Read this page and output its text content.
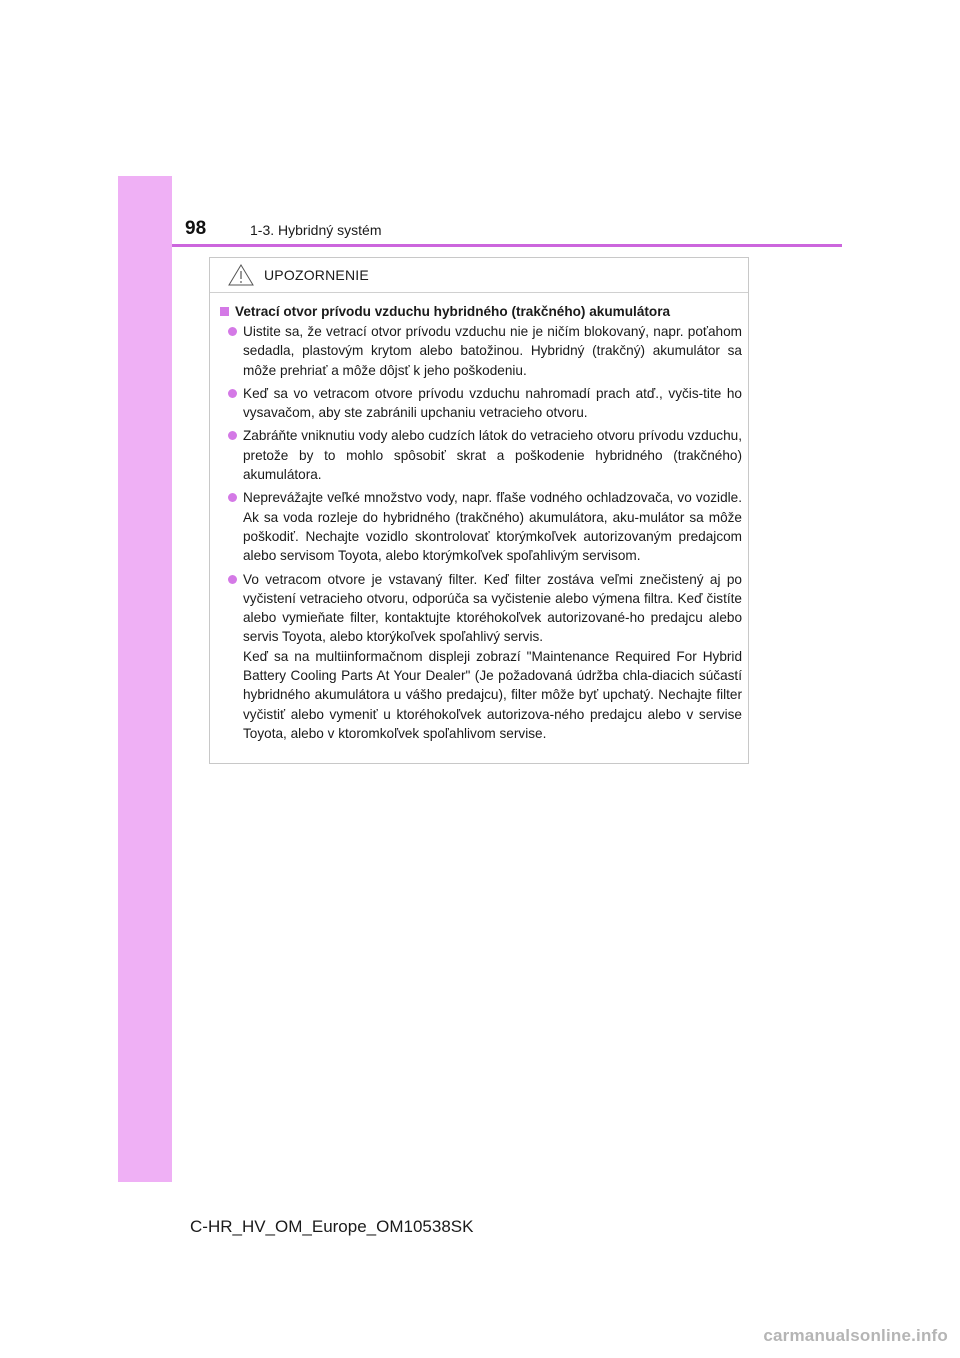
98	1-3. Hybridný systém
UPOZORNENIE
Vetrací otvor prívodu vzduchu hybridného (trakčného) akumulátora
Uistite sa, že vetrací otvor prívodu vzduchu nie je ničím blokovaný, napr. poťahom sedadla, plastovým krytom alebo batožinou. Hybridný (trakčný) akumulátor sa môže prehriať a môže dôjsť k jeho poškodeniu.
Keď sa vo vetracom otvore prívodu vzduchu nahromadí prach atď., vyčis-tite ho vysavačom, aby ste zabránili upchaniu vetracieho otvoru.
Zabráňte vniknutiu vody alebo cudzích látok do vetracieho otvoru prívodu vzduchu, pretože by to mohlo spôsobiť skrat a poškodenie hybridného (trakčného) akumulátora.
Neprevážajte veľké množstvo vody, napr. fľaše vodného ochladzovača, vo vozidle. Ak sa voda rozleje do hybridného (trakčného) akumulátora, aku-mulátor sa môže poškodiť. Nechajte vozidlo skontrolovať ktorýmkoľvek autorizovaným predajcom alebo servisom Toyota, alebo ktorýmkoľvek spoľahlivým servisom.
Vo vetracom otvore je vstavaný filter. Keď filter zostáva veľmi znečistený aj po vyčistení vetracieho otvoru, odporúča sa vyčistenie alebo výmena filtra. Keď čistíte alebo vymieňate filter, kontaktujte ktoréhokoľvek autorizované-ho predajcu alebo servis Toyota, alebo ktorýkoľvek spoľahlivý servis.
Keď sa na multiinformačnom displeji zobrazí "Maintenance Required For Hybrid Battery Cooling Parts At Your Dealer" (Je požadovaná údržba chla-diacich súčastí hybridného akumulátora u vášho predajcu), filter môže byť upchatý. Nechajte filter vyčistiť alebo vymeniť u ktoréhokoľvek autorizova-ného predajcu alebo v servise Toyota, alebo v ktoromkoľvek spoľahlivom servise.
C-HR_HV_OM_Europe_OM10538SK
carmanualsonline.info
